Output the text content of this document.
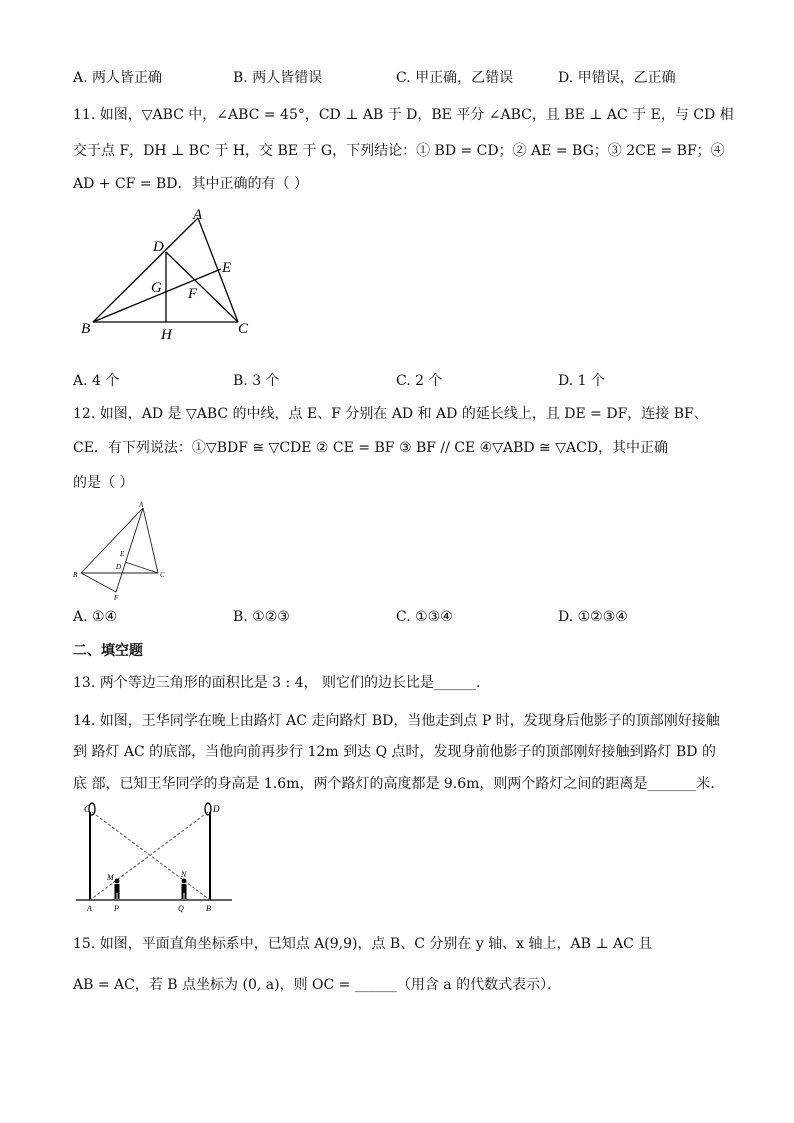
A. 两人皆正确	B. 两人皆错误	C. 甲正确，乙错误	D. 甲错误，乙正确
11. 如图，▽ABC 中，∠ABC = 45°，CD ⊥ AB 于 D，BE 平分 ∠ABC，且 BE ⊥ AC 于 E，与 CD 相
交于点 F，DH ⊥ BC 于 H，交 BE 于 G，下列结论：① BD = CD；② AE = BG；③ 2CE = BF；④
AD + CF = BD．其中正确的有（ ）
A
D
E
G F
B	H	C
A. 4 个	B. 3 个	C. 2 个	D. 1 个
12. 如图，AD 是 ▽ABC 的中线，点 E、F 分别在 AD 和 AD 的延长线上，且 DE = DF，连接 BF、
CE．有下列说法：①▽BDF ≅ ▽CDE ② CE = BF ③ BF // CE ④▽ABD ≅ ▽ACD，其中正确
的是（ ）
A
E
D
B	C
F
A. ①④	B. ①②③	C. ①③④	D. ①②③④
二、填空题
13. 两个等边三角形的面积比是 3 : 4， 则它们的边长比是______．
14. 如图，王华同学在晚上由路灯 AC 走向路灯 BD，当他走到点 P 时，发现身后他影子的顶部刚好接触
到 路灯 AC 的底部，当他向前再步行 12m 到达 Q 点时，发现身前他影子的顶部刚好接触到路灯 BD 的
底 部，已知王华同学的身高是 1.6m，两个路灯的高度都是 9.6m，则两个路灯之间的距离是_______米．
C	D
M	N
A	P	Q	B
15. 如图，平面直角坐标系中，已知点 A(9,9)，点 B、C 分别在 y 轴、x 轴上，AB ⊥ AC 且
AB = AC，若 B 点坐标为 (0, a)，则 OC = ______（用含 a 的代数式表示）．
